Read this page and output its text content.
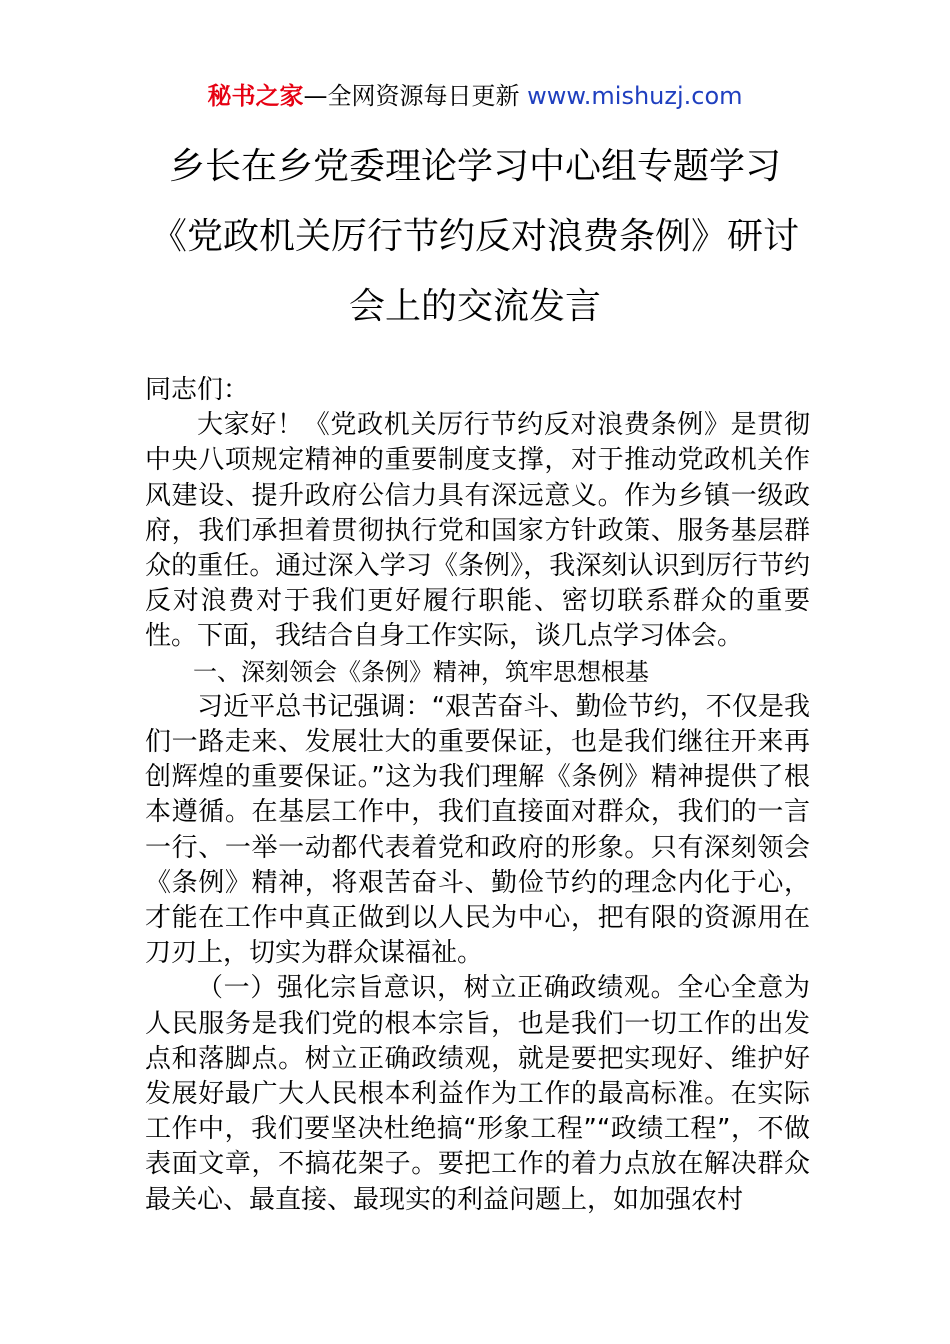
秘书之家—全网资源每日更新 www.mishuzj.com
乡长在乡党委理论学习中心组专题学习
《党政机关厉行节约反对浪费条例》研讨
会上的交流发言

同志们：

大家好！《党政机关厉行节约反对浪费条例》是贯彻中央八项规定精神的重要制度支撑，对于推动党政机关作风建设、提升政府公信力具有深远意义。作为乡镇一级政府，我们承担着贯彻执行党和国家方针政策、服务基层群众的重任。通过深入学习《条例》，我深刻认识到厉行节约反对浪费对于我们更好履行职能、密切联系群众的重要性。下面，我结合自身工作实际，谈几点学习体会。

一、深刻领会《条例》精神，筑牢思想根基

习近平总书记强调：“艰苦奋斗、勤俭节约，不仅是我们一路走来、发展壮大的重要保证，也是我们继往开来再创辉煌的重要保证。”这为我们理解《条例》精神提供了根本遵循。在基层工作中，我们直接面对群众，我们的一言一行、一举一动都代表着党和政府的形象。只有深刻领会《条例》精神，将艰苦奋斗、勤俭节约的理念内化于心，才能在工作中真正做到以人民为中心，把有限的资源用在刀刃上，切实为群众谋福祉。

（一）强化宗旨意识，树立正确政绩观。全心全意为人民服务是我们党的根本宗旨，也是我们一切工作的出发点和落脚点。树立正确政绩观，就是要把实现好、维护好发展好最广大人民根本利益作为工作的最高标准。在实际工作中，我们要坚决杜绝搞“形象工程”“政绩工程”，不做表面文章，不搞花架子。要把工作的着力点放在解决群众最关心、最直接、最现实的利益问题上，如加强农村
